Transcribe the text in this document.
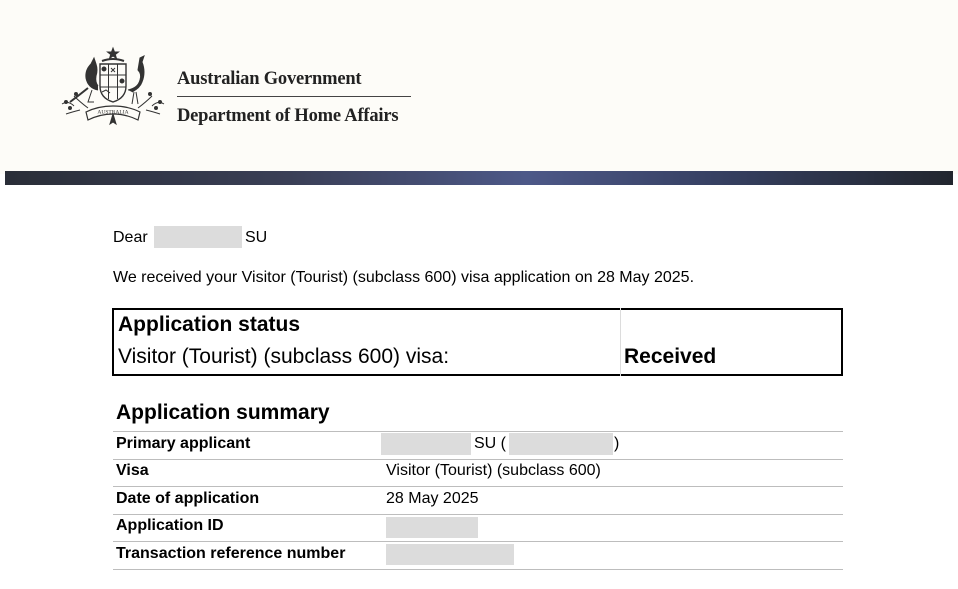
AUSTRALIA
Australian Government
Department of Home Affairs
Dear	SU
We received your Visitor (Tourist) (subclass 600) visa application on 28 May 2025.
Application status
Visitor (Tourist) (subclass 600) visa:	Received
Application summary
Primary applicant	SU (	)
Visa	Visitor (Tourist) (subclass 600)
Date of application	28 May 2025
Application ID
Transaction reference number
